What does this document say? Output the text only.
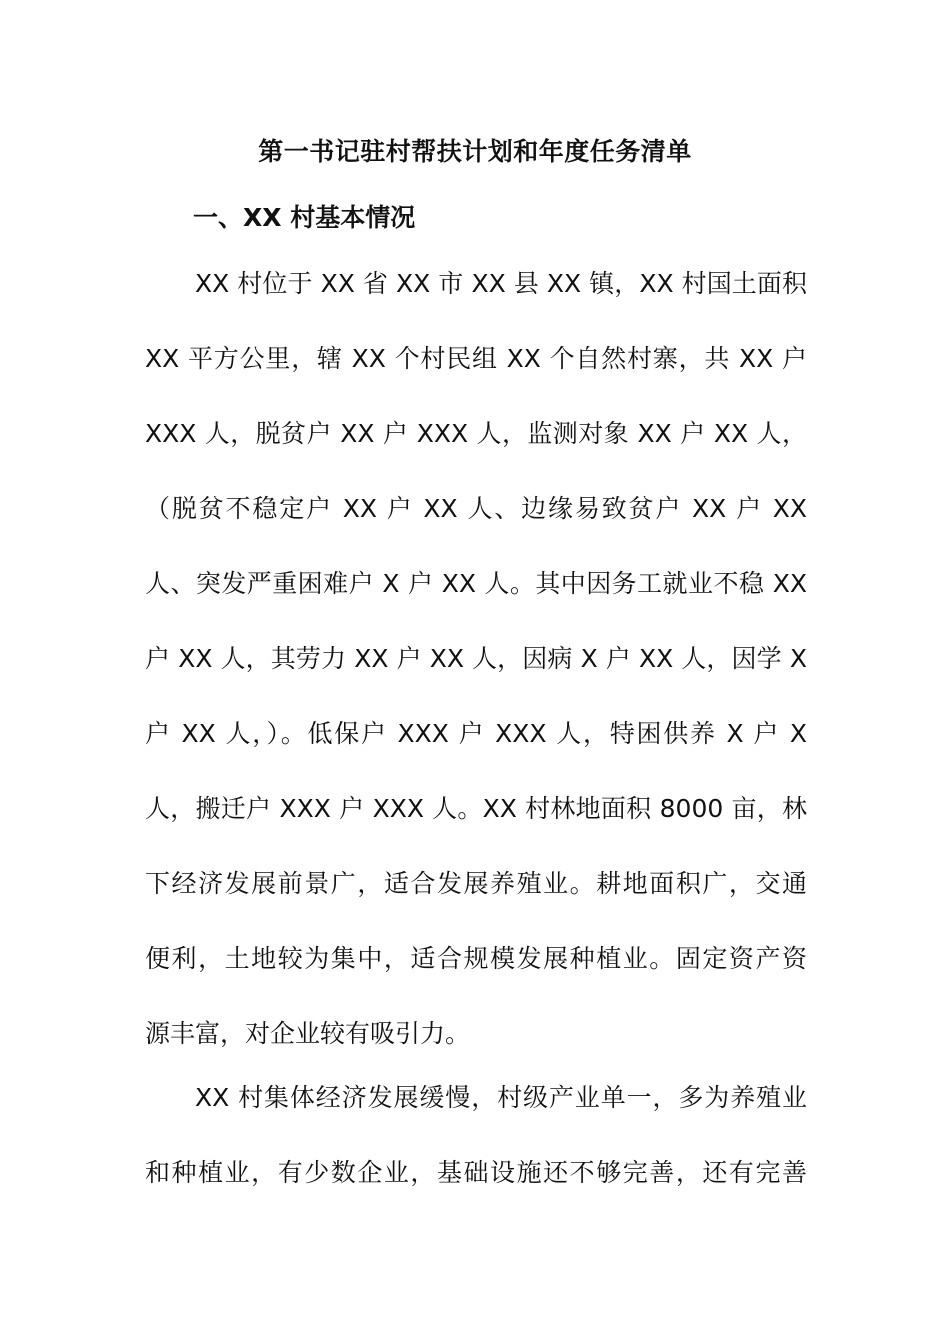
第一书记驻村帮扶计划和年度任务清单
一、XX 村基本情况
XX 村位于 XX 省 XX 市 XX 县 XX 镇，XX 村国土面积
XX 平方公里，辖 XX 个村民组 XX 个自然村寨，共 XX 户
XXX 人，脱贫户 XX 户 XXX 人，监测对象 XX 户 XX 人，
（脱贫不稳定户 XX 户 XX 人、边缘易致贫户 XX 户 XX
人、突发严重困难户 X 户 XX 人。其中因务工就业不稳 XX
户 XX 人，其劳力 XX 户 XX 人，因病 X 户 XX 人，因学 X
户 XX 人，）。低保户 XXX 户 XXX 人，特困供养 X 户 X
人，搬迁户 XXX 户 XXX 人。XX 村林地面积 8000 亩，林
下经济发展前景广，适合发展养殖业。耕地面积广，交通
便利，土地较为集中，适合规模发展种植业。固定资产资
源丰富，对企业较有吸引力。
XX 村集体经济发展缓慢，村级产业单一，多为养殖业
和种植业，有少数企业，基础设施还不够完善，还有完善
